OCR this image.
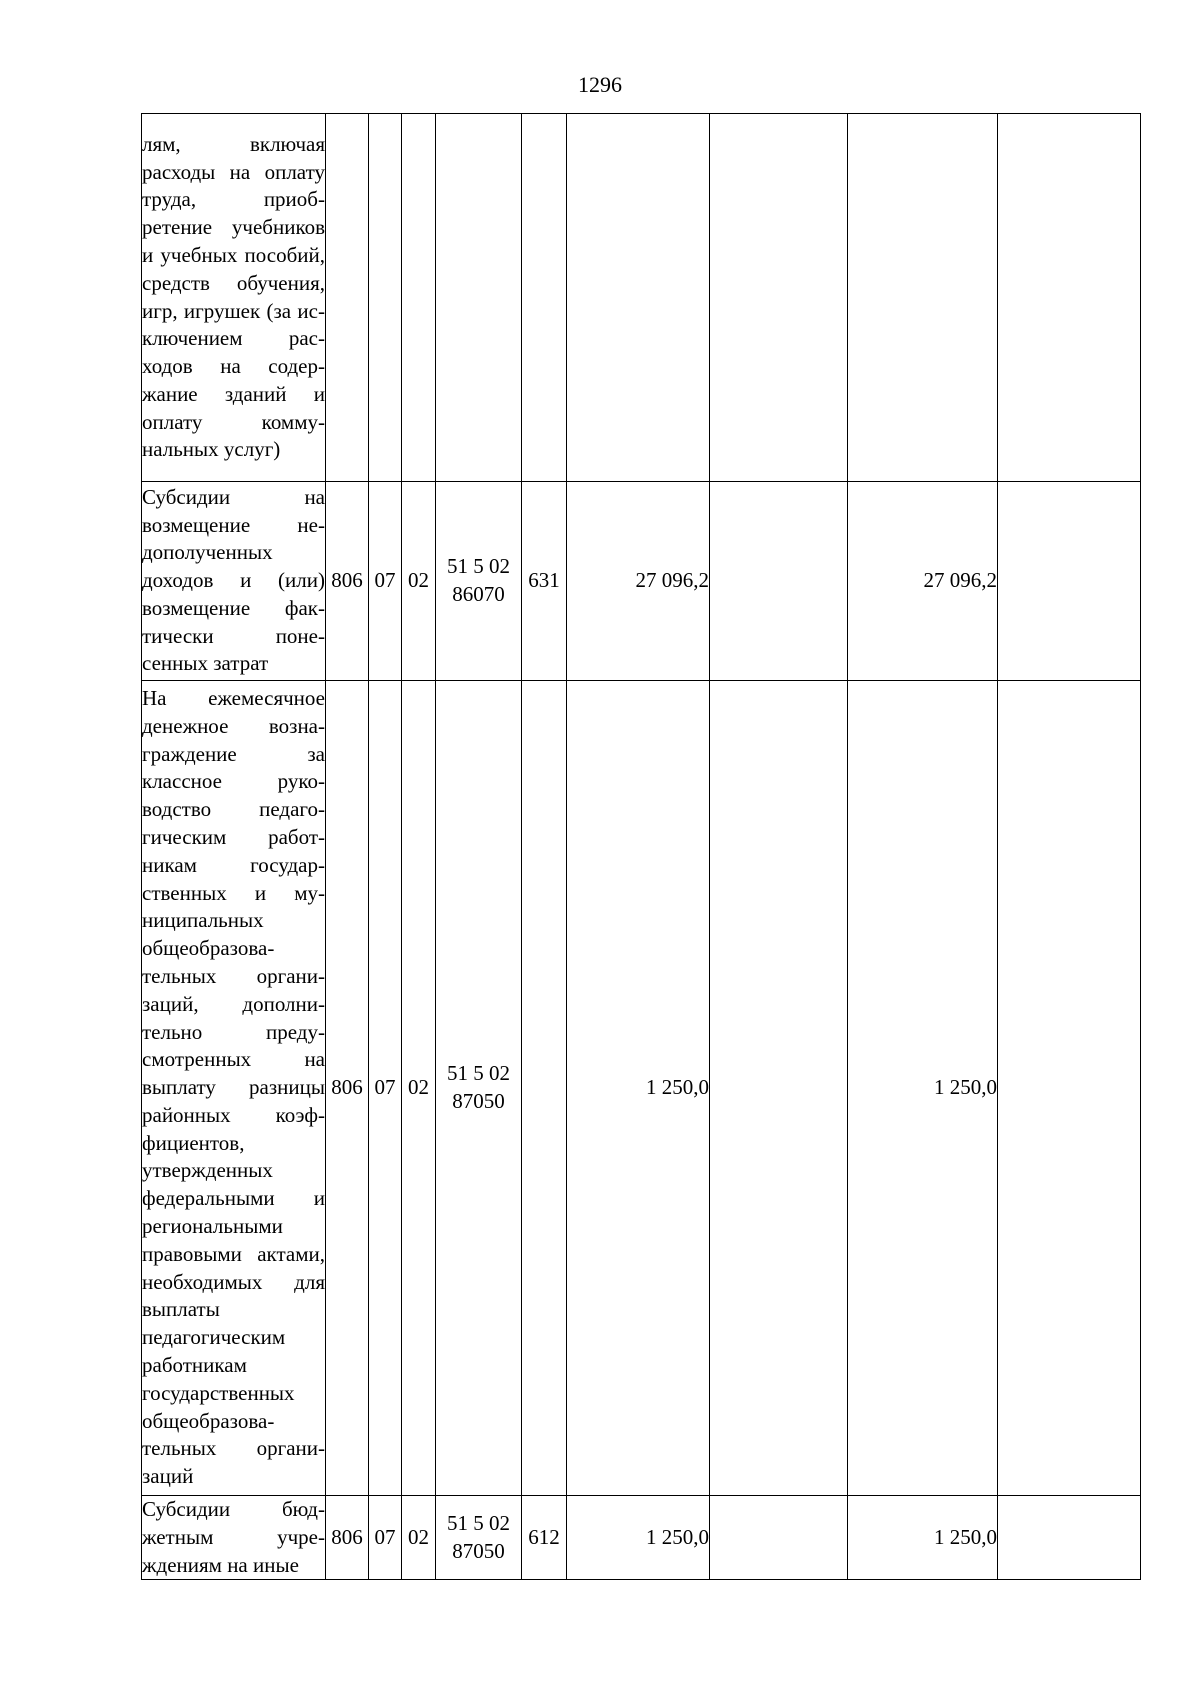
1296
лям, включая расходы на оплату труда, приобретение учебников и учебных пособий, средств обучения, игр, игрушек (за исключением расходов на содержание зданий и оплату коммунальных услуг)									
Субсидии на возмещение недополученных доходов и (или) возмещение фактически понесенных затрат	806	07	02	51 5 02 86070	631	27 096,2		27 096,2	
На ежемесячное денежное вознаграждение за классное руководство педагогическим работникам государственных и муниципальных общеобразовательных организаций, дополнительно предусмотренных на выплату разницы районных коэффициентов, утвержденных федеральными и региональными правовыми актами, необходимых для выплаты педагогическим работникам государственных общеобразовательных организаций	806	07	02	51 5 02 87050		1 250,0		1 250,0	
Субсидии бюджетным учреждениям на иные	806	07	02	51 5 02 87050	612	1 250,0		1 250,0	
